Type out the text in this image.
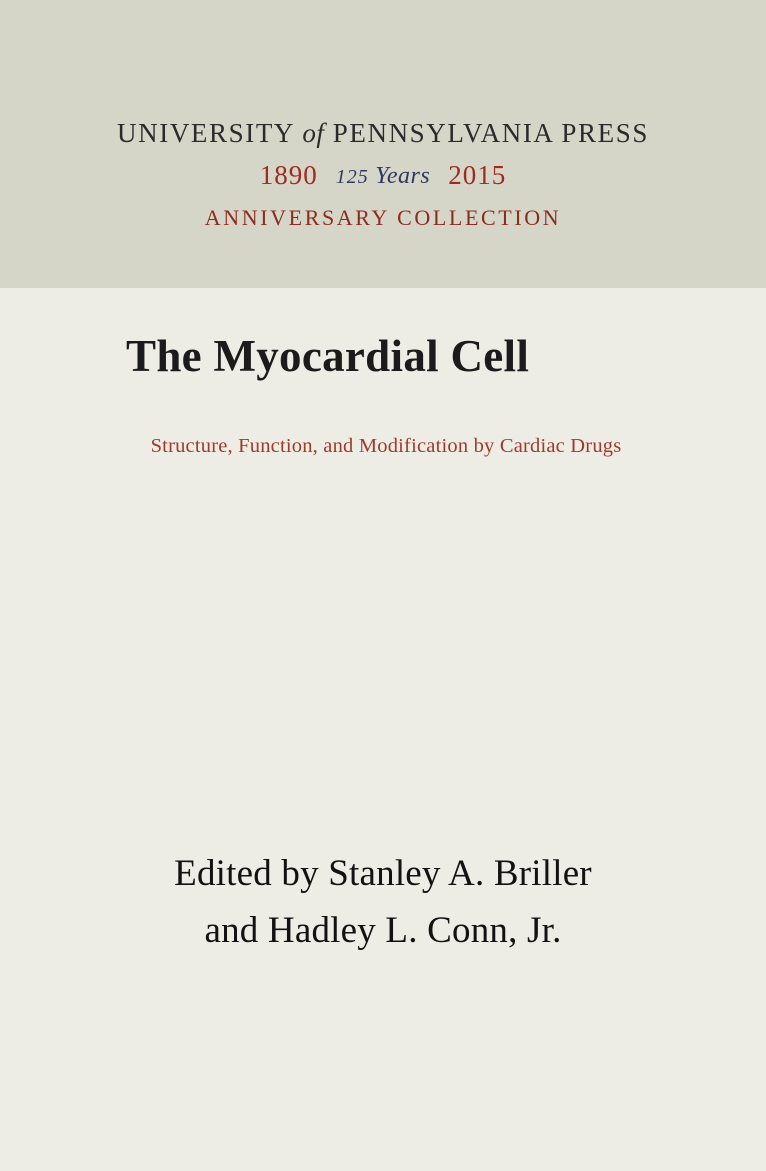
UNIVERSITY of PENNSYLVANIA PRESS
1890 125 Years 2015
ANNIVERSARY COLLECTION
The Myocardial Cell
Structure, Function, and Modification by Cardiac Drugs
Edited by Stanley A. Briller
and Hadley L. Conn, Jr.
